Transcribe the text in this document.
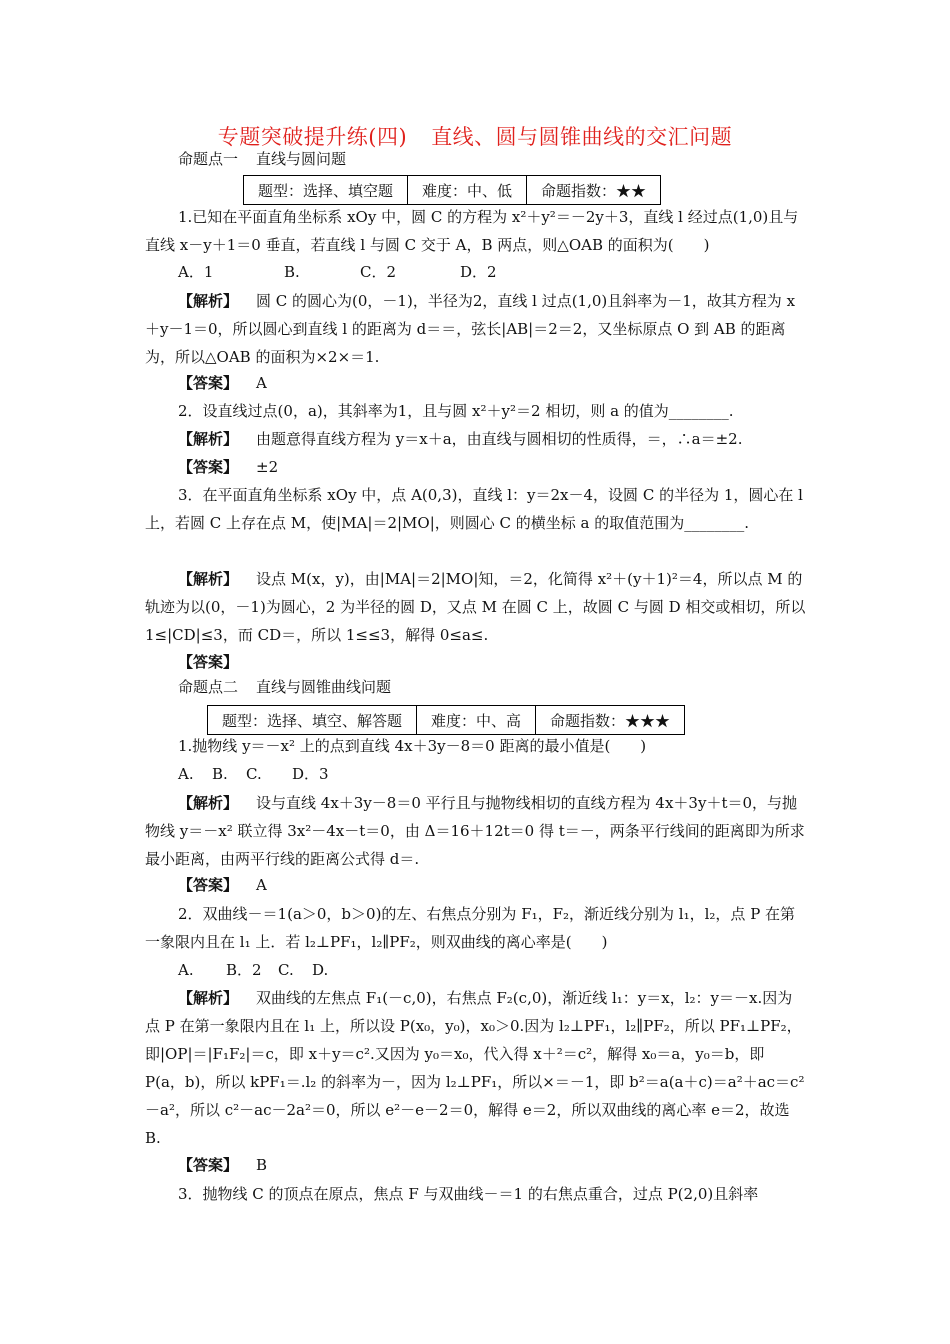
专题突破提升练(四) 直线、圆与圆锥曲线的交汇问题
命题点一 直线与圆问题
题型：选择、填空题	难度：中、低	命题指数：★★
1.已知在平面直角坐标系 xOy 中，圆 C 的方程为 x²＋y²＝－2y＋3，直线 l 经过点(1,0)且与直线 x－y＋1＝0 垂直，若直线 l 与圆 C 交于 A，B 两点，则△OAB 的面积为(　　)
A．1	B.	C．2	D．2
【解析】 圆 C 的圆心为(0，－1)，半径为2，直线 l 过点(1,0)且斜率为－1，故其方程为 x＋y－1＝0，所以圆心到直线 l 的距离为 d＝＝，弦长|AB|＝2＝2，又坐标原点 O 到 AB 的距离为，所以△OAB 的面积为×2×＝1.
【答案】 A
2．设直线过点(0，a)，其斜率为1，且与圆 x²＋y²＝2 相切，则 a 的值为________.
【解析】 由题意得直线方程为 y＝x＋a，由直线与圆相切的性质得，＝，∴a＝±2.
【答案】 ±2
3．在平面直角坐标系 xOy 中，点 A(0,3)，直线 l：y＝2x－4，设圆 C 的半径为 1，圆心在 l 上，若圆 C 上存在点 M，使|MA|＝2|MO|，则圆心 C 的横坐标 a 的取值范围为________.
【解析】 设点 M(x，y)，由|MA|＝2|MO|知，＝2，化简得 x²＋(y＋1)²＝4，所以点 M 的轨迹为以(0，－1)为圆心，2 为半径的圆 D，又点 M 在圆 C 上，故圆 C 与圆 D 相交或相切，所以 1≤|CD|≤3，而 CD＝，所以 1≤≤3，解得 0≤a≤.
【答案】
命题点二 直线与圆锥曲线问题
题型：选择、填空、解答题	难度：中、高	命题指数：★★★
1.抛物线 y＝－x² 上的点到直线 4x＋3y－8＝0 距离的最小值是(　　)
A. B. C. D．3
【解析】 设与直线 4x＋3y－8＝0 平行且与抛物线相切的直线方程为 4x＋3y＋t＝0，与抛物线 y＝－x² 联立得 3x²－4x－t＝0，由 Δ＝16＋12t＝0 得 t＝－，两条平行线间的距离即为所求最小距离，由两平行线的距离公式得 d＝.
【答案】 A
2．双曲线－＝1(a＞0，b＞0)的左、右焦点分别为 F₁，F₂，渐近线分别为 l₁，l₂，点 P 在第一象限内且在 l₁ 上．若 l₂⊥PF₁，l₂∥PF₂，则双曲线的离心率是(　　)
A. B．2 C. D.
【解析】 双曲线的左焦点 F₁(－c,0)，右焦点 F₂(c,0)，渐近线 l₁：y＝x，l₂：y＝－x.因为点 P 在第一象限内且在 l₁ 上，所以设 P(x₀，y₀)，x₀＞0.因为 l₂⊥PF₁，l₂∥PF₂，所以 PF₁⊥PF₂，即|OP|＝|F₁F₂|＝c，即 x＋y＝c².又因为 y₀＝x₀，代入得 x＋²＝c²，解得 x₀＝a，y₀＝b，即 P(a，b)，所以 kPF₁＝.l₂ 的斜率为－，因为 l₂⊥PF₁，所以×＝－1，即 b²＝a(a＋c)＝a²＋ac＝c²－a²，所以 c²－ac－2a²＝0，所以 e²－e－2＝0，解得 e＝2，所以双曲线的离心率 e＝2，故选 B.
【答案】 B
3．抛物线 C 的顶点在原点，焦点 F 与双曲线－＝1 的右焦点重合，过点 P(2,0)且斜率
